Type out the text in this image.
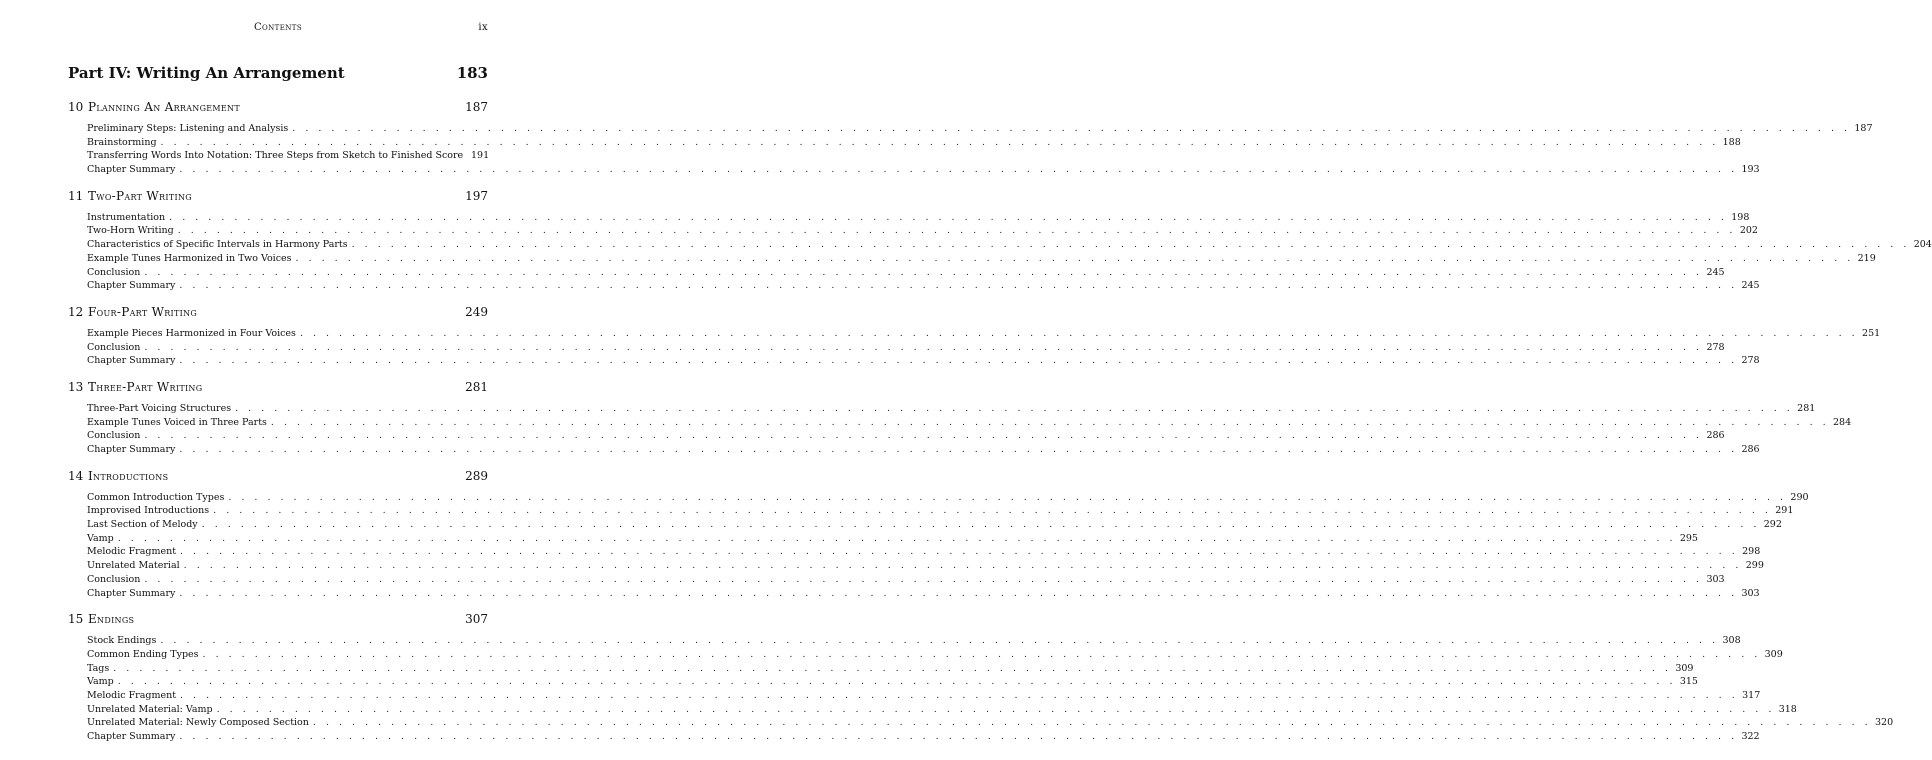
Contents	ix
Part IV: Writing An Arrangement	183
10 Planning An Arrangement	187
Preliminary Steps: Listening and Analysis . . . . . . . . . . . . . . . . . . . . . . . . . . . . . . . . . . . . . . . . . . . . . . . . . . . . . . . . . . . . . . . . . . . . . . . . . . . . . . . . . . . . . . . . . . . . . . . . . . . . . . . . . . . . . . . . . . . . . . . . 187
Brainstorming . . . . . . . . . . . . . . . . . . . . . . . . . . . . . . . . . . . . . . . . . . . . . . . . . . . . . . . . . . . . . . . . . . . . . . . . . . . . . . . . . . . . . . . . . . . . . . . . . . . . . . . . . . . . . . . . . . . . . . . . 188
Transferring Words Into Notation: Three Steps from Sketch to Finished Score 191
Chapter Summary . . . . . . . . . . . . . . . . . . . . . . . . . . . . . . . . . . . . . . . . . . . . . . . . . . . . . . . . . . . . . . . . . . . . . . . . . . . . . . . . . . . . . . . . . . . . . . . . . . . . . . . . . . . . . . . . . . . . . . . . 193
11 Two-Part Writing	197
Instrumentation . . . . . . . . . . . . . . . . . . . . . . . . . . . . . . . . . . . . . . . . . . . . . . . . . . . . . . . . . . . . . . . . . . . . . . . . . . . . . . . . . . . . . . . . . . . . . . . . . . . . . . . . . . . . . . . . . . . . . . . . 198
Two-Horn Writing . . . . . . . . . . . . . . . . . . . . . . . . . . . . . . . . . . . . . . . . . . . . . . . . . . . . . . . . . . . . . . . . . . . . . . . . . . . . . . . . . . . . . . . . . . . . . . . . . . . . . . . . . . . . . . . . . . . . . . . . 202
Characteristics of Specific Intervals in Harmony Parts . . . . . . . . . . . . . . . . . . . . . . . . . . . . . . . . . . . . . . . . . . . . . . . . . . . . . . . . . . . . . . . . . . . . . . . . . . . . . . . . . . . . . . . . . . . . . . . . . . . . . . . . . . . . . . . . . . . . . . . . 204
Example Tunes Harmonized in Two Voices . . . . . . . . . . . . . . . . . . . . . . . . . . . . . . . . . . . . . . . . . . . . . . . . . . . . . . . . . . . . . . . . . . . . . . . . . . . . . . . . . . . . . . . . . . . . . . . . . . . . . . . . . . . . . . . . . . . . . . . . 219
Conclusion . . . . . . . . . . . . . . . . . . . . . . . . . . . . . . . . . . . . . . . . . . . . . . . . . . . . . . . . . . . . . . . . . . . . . . . . . . . . . . . . . . . . . . . . . . . . . . . . . . . . . . . . . . . . . . . . . . . . . . . . 245
Chapter Summary . . . . . . . . . . . . . . . . . . . . . . . . . . . . . . . . . . . . . . . . . . . . . . . . . . . . . . . . . . . . . . . . . . . . . . . . . . . . . . . . . . . . . . . . . . . . . . . . . . . . . . . . . . . . . . . . . . . . . . . . 245
12 Four-Part Writing	249
Example Pieces Harmonized in Four Voices . . . . . . . . . . . . . . . . . . . . . . . . . . . . . . . . . . . . . . . . . . . . . . . . . . . . . . . . . . . . . . . . . . . . . . . . . . . . . . . . . . . . . . . . . . . . . . . . . . . . . . . . . . . . . . . . . . . . . . . . 251
Conclusion . . . . . . . . . . . . . . . . . . . . . . . . . . . . . . . . . . . . . . . . . . . . . . . . . . . . . . . . . . . . . . . . . . . . . . . . . . . . . . . . . . . . . . . . . . . . . . . . . . . . . . . . . . . . . . . . . . . . . . . . 278
Chapter Summary . . . . . . . . . . . . . . . . . . . . . . . . . . . . . . . . . . . . . . . . . . . . . . . . . . . . . . . . . . . . . . . . . . . . . . . . . . . . . . . . . . . . . . . . . . . . . . . . . . . . . . . . . . . . . . . . . . . . . . . . 278
13 Three-Part Writing	281
Three-Part Voicing Structures . . . . . . . . . . . . . . . . . . . . . . . . . . . . . . . . . . . . . . . . . . . . . . . . . . . . . . . . . . . . . . . . . . . . . . . . . . . . . . . . . . . . . . . . . . . . . . . . . . . . . . . . . . . . . . . . . . . . . . . . 281
Example Tunes Voiced in Three Parts . . . . . . . . . . . . . . . . . . . . . . . . . . . . . . . . . . . . . . . . . . . . . . . . . . . . . . . . . . . . . . . . . . . . . . . . . . . . . . . . . . . . . . . . . . . . . . . . . . . . . . . . . . . . . . . . . . . . . . . . 284
Conclusion . . . . . . . . . . . . . . . . . . . . . . . . . . . . . . . . . . . . . . . . . . . . . . . . . . . . . . . . . . . . . . . . . . . . . . . . . . . . . . . . . . . . . . . . . . . . . . . . . . . . . . . . . . . . . . . . . . . . . . . . 286
Chapter Summary . . . . . . . . . . . . . . . . . . . . . . . . . . . . . . . . . . . . . . . . . . . . . . . . . . . . . . . . . . . . . . . . . . . . . . . . . . . . . . . . . . . . . . . . . . . . . . . . . . . . . . . . . . . . . . . . . . . . . . . . 286
14 Introductions	289
Common Introduction Types . . . . . . . . . . . . . . . . . . . . . . . . . . . . . . . . . . . . . . . . . . . . . . . . . . . . . . . . . . . . . . . . . . . . . . . . . . . . . . . . . . . . . . . . . . . . . . . . . . . . . . . . . . . . . . . . . . . . . . . . 290
Improvised Introductions . . . . . . . . . . . . . . . . . . . . . . . . . . . . . . . . . . . . . . . . . . . . . . . . . . . . . . . . . . . . . . . . . . . . . . . . . . . . . . . . . . . . . . . . . . . . . . . . . . . . . . . . . . . . . . . . . . . . . . . . 291
Last Section of Melody . . . . . . . . . . . . . . . . . . . . . . . . . . . . . . . . . . . . . . . . . . . . . . . . . . . . . . . . . . . . . . . . . . . . . . . . . . . . . . . . . . . . . . . . . . . . . . . . . . . . . . . . . . . . . . . . . . . . . . . . 292
Vamp . . . . . . . . . . . . . . . . . . . . . . . . . . . . . . . . . . . . . . . . . . . . . . . . . . . . . . . . . . . . . . . . . . . . . . . . . . . . . . . . . . . . . . . . . . . . . . . . . . . . . . . . . . . . . . . . . . . . . . . . 295
Melodic Fragment . . . . . . . . . . . . . . . . . . . . . . . . . . . . . . . . . . . . . . . . . . . . . . . . . . . . . . . . . . . . . . . . . . . . . . . . . . . . . . . . . . . . . . . . . . . . . . . . . . . . . . . . . . . . . . . . . . . . . . . . 298
Unrelated Material . . . . . . . . . . . . . . . . . . . . . . . . . . . . . . . . . . . . . . . . . . . . . . . . . . . . . . . . . . . . . . . . . . . . . . . . . . . . . . . . . . . . . . . . . . . . . . . . . . . . . . . . . . . . . . . . . . . . . . . . 299
Conclusion . . . . . . . . . . . . . . . . . . . . . . . . . . . . . . . . . . . . . . . . . . . . . . . . . . . . . . . . . . . . . . . . . . . . . . . . . . . . . . . . . . . . . . . . . . . . . . . . . . . . . . . . . . . . . . . . . . . . . . . . 303
Chapter Summary . . . . . . . . . . . . . . . . . . . . . . . . . . . . . . . . . . . . . . . . . . . . . . . . . . . . . . . . . . . . . . . . . . . . . . . . . . . . . . . . . . . . . . . . . . . . . . . . . . . . . . . . . . . . . . . . . . . . . . . . 303
15 Endings	307
Stock Endings . . . . . . . . . . . . . . . . . . . . . . . . . . . . . . . . . . . . . . . . . . . . . . . . . . . . . . . . . . . . . . . . . . . . . . . . . . . . . . . . . . . . . . . . . . . . . . . . . . . . . . . . . . . . . . . . . . . . . . . . 308
Common Ending Types . . . . . . . . . . . . . . . . . . . . . . . . . . . . . . . . . . . . . . . . . . . . . . . . . . . . . . . . . . . . . . . . . . . . . . . . . . . . . . . . . . . . . . . . . . . . . . . . . . . . . . . . . . . . . . . . . . . . . . . . 309
Tags . . . . . . . . . . . . . . . . . . . . . . . . . . . . . . . . . . . . . . . . . . . . . . . . . . . . . . . . . . . . . . . . . . . . . . . . . . . . . . . . . . . . . . . . . . . . . . . . . . . . . . . . . . . . . . . . . . . . . . . . 309
Vamp . . . . . . . . . . . . . . . . . . . . . . . . . . . . . . . . . . . . . . . . . . . . . . . . . . . . . . . . . . . . . . . . . . . . . . . . . . . . . . . . . . . . . . . . . . . . . . . . . . . . . . . . . . . . . . . . . . . . . . . . 315
Melodic Fragment . . . . . . . . . . . . . . . . . . . . . . . . . . . . . . . . . . . . . . . . . . . . . . . . . . . . . . . . . . . . . . . . . . . . . . . . . . . . . . . . . . . . . . . . . . . . . . . . . . . . . . . . . . . . . . . . . . . . . . . . 317
Unrelated Material: Vamp . . . . . . . . . . . . . . . . . . . . . . . . . . . . . . . . . . . . . . . . . . . . . . . . . . . . . . . . . . . . . . . . . . . . . . . . . . . . . . . . . . . . . . . . . . . . . . . . . . . . . . . . . . . . . . . . . . . . . . . . 318
Unrelated Material: Newly Composed Section . . . . . . . . . . . . . . . . . . . . . . . . . . . . . . . . . . . . . . . . . . . . . . . . . . . . . . . . . . . . . . . . . . . . . . . . . . . . . . . . . . . . . . . . . . . . . . . . . . . . . . . . . . . . . . . . . . . . . . . . 320
Chapter Summary . . . . . . . . . . . . . . . . . . . . . . . . . . . . . . . . . . . . . . . . . . . . . . . . . . . . . . . . . . . . . . . . . . . . . . . . . . . . . . . . . . . . . . . . . . . . . . . . . . . . . . . . . . . . . . . . . . . . . . . . 322
